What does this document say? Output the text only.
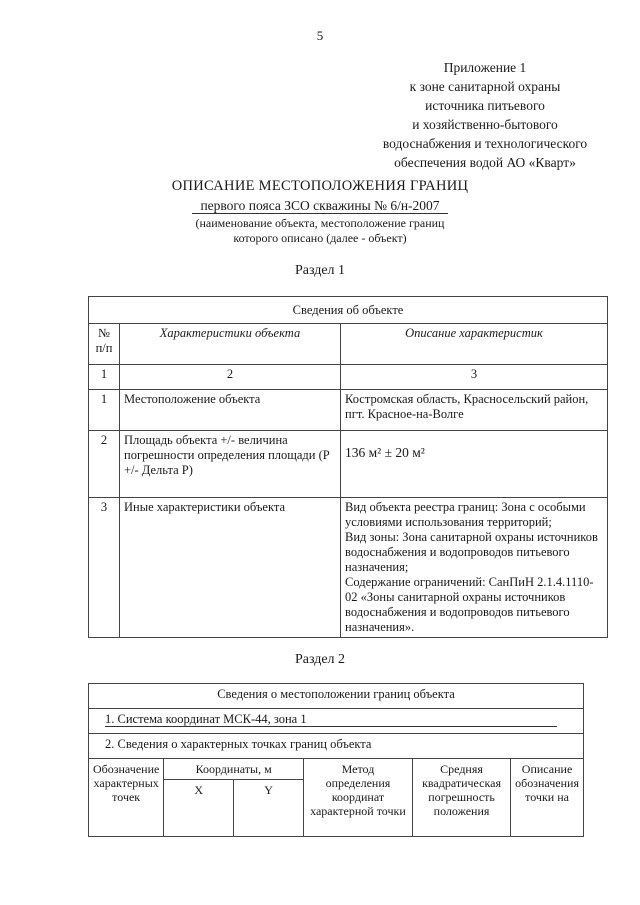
5
Приложение 1
к зоне санитарной охраны
источника питьевого
и хозяйственно-бытового
водоснабжения и технологического
обеспечения водой АО «Кварт»
ОПИСАНИЕ МЕСТОПОЛОЖЕНИЯ ГРАНИЦ
первого пояса ЗСО скважины № 6/н-2007
(наименование объекта, местоположение границ
которого описано (далее - объект)
Раздел 1
Сведения об объекте		
№ п/п	Характеристики объекта	Описание характеристик
1	2	3
1	Местоположение объекта	Костромская область, Красносельский район, пгт. Красное-на-Волге
2	Площадь объекта +/- величина погрешности определения площади (P +/- Дельта P)	136 м² ± 20 м²
3	Иные характеристики объекта	Вид объекта реестра границ: Зона с особыми условиями использования территорий;
Вид зоны: Зона санитарной охраны источников водоснабжения и водопроводов питьевого назначения;
Содержание ограничений: СанПиН 2.1.4.1110-02 «Зоны санитарной охраны источников водоснабжения и водопроводов питьевого назначения».
Раздел 2
Сведения о местоположении границ объекта					
1. Система координат МСК-44, зона 1					
2. Сведения о характерных точках границ объекта					
Обозначение характерных точек	Координаты, м		Метод определения координат характерной точки	Средняя квадратическая погрешность положения	Описание обозначения точки на
	X	Y			
